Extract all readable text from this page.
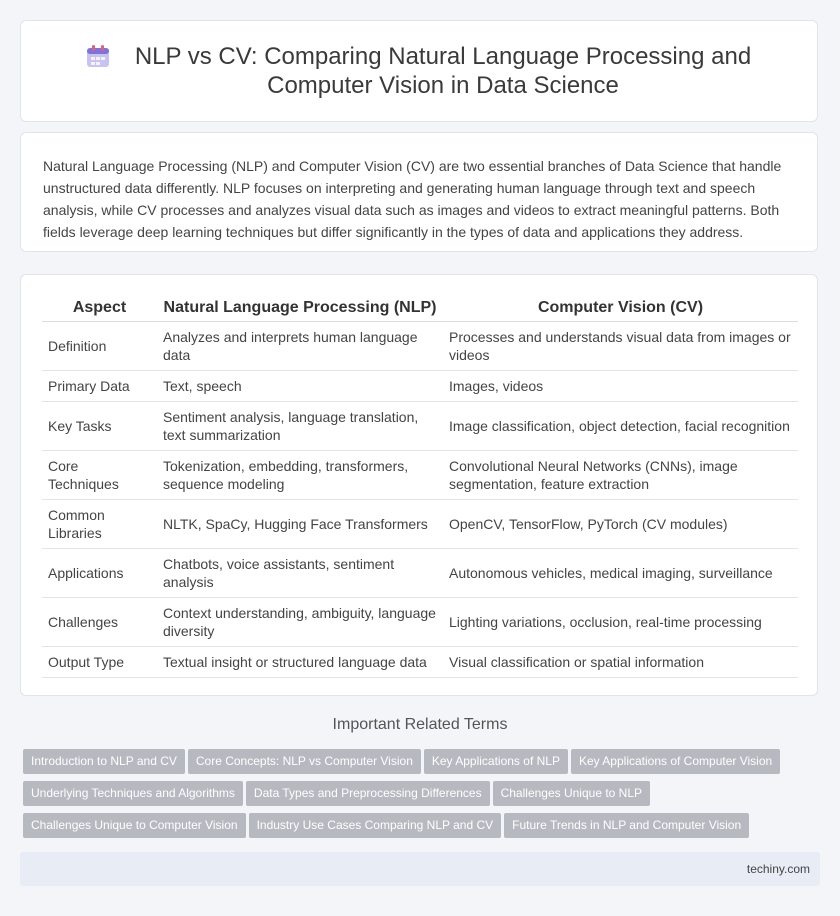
NLP vs CV: Comparing Natural Language Processing and Computer Vision in Data Science

Natural Language Processing (NLP) and Computer Vision (CV) are two essential branches of Data Science that handle unstructured data differently. NLP focuses on interpreting and generating human language through text and speech analysis, while CV processes and analyzes visual data such as images and videos to extract meaningful patterns. Both fields leverage deep learning techniques but differ significantly in the types of data and applications they address.

Aspect	Natural Language Processing (NLP)	Computer Vision (CV)
Definition	Analyzes and interprets human language data	Processes and understands visual data from images or videos
Primary Data	Text, speech	Images, videos
Key Tasks	Sentiment analysis, language translation, text summarization	Image classification, object detection, facial recognition
Core Techniques	Tokenization, embedding, transformers, sequence modeling	Convolutional Neural Networks (CNNs), image segmentation, feature extraction
Common Libraries	NLTK, SpaCy, Hugging Face Transformers	OpenCV, TensorFlow, PyTorch (CV modules)
Applications	Chatbots, voice assistants, sentiment analysis	Autonomous vehicles, medical imaging, surveillance
Challenges	Context understanding, ambiguity, language diversity	Lighting variations, occlusion, real-time processing
Output Type	Textual insight or structured language data	Visual classification or spatial information
Important Related Terms
Introduction to NLP and CV Core Concepts: NLP vs Computer Vision Key Applications of NLP Key Applications of Computer Vision
Underlying Techniques and Algorithms Data Types and Preprocessing Differences Challenges Unique to NLP
Challenges Unique to Computer Vision Industry Use Cases Comparing NLP and CV Future Trends in NLP and Computer Vision
techiny.com
